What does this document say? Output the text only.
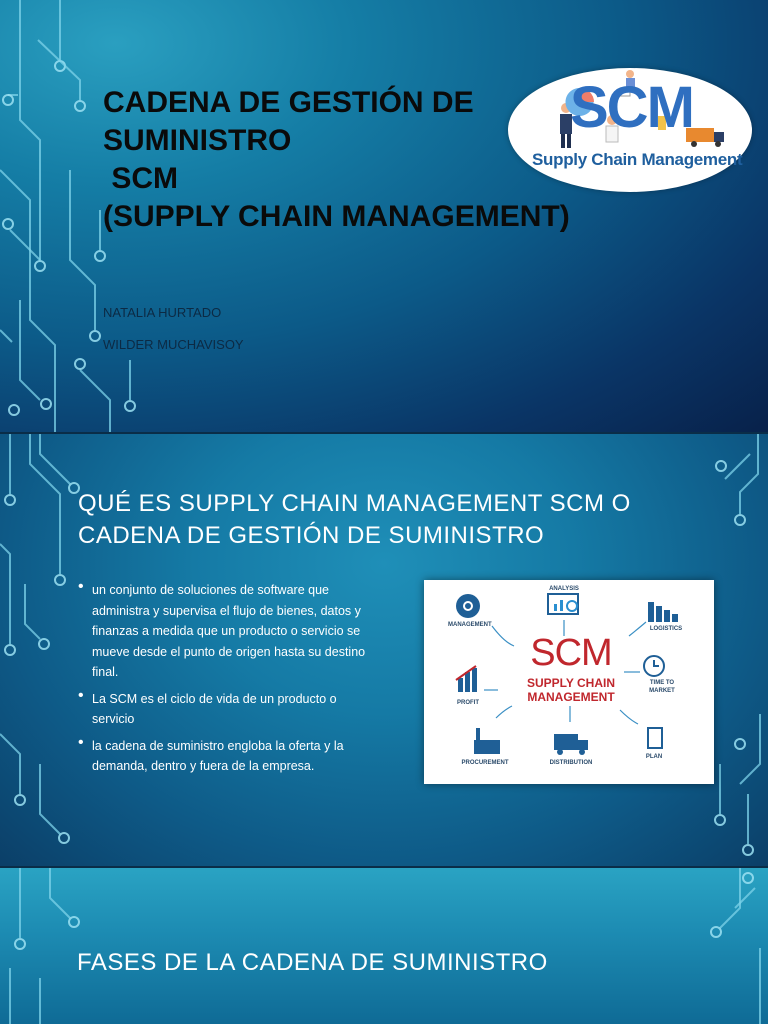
CADENA DE GESTIÓN DE
SUMINISTRO
SCM
(SUPPLY CHAIN MANAGEMENT)
NATALIA HURTADO
WILDER MUCHAVISOY
SCM
Supply Chain Management
QUÉ ES SUPPLY CHAIN MANAGEMENT SCM O CADENA DE GESTIÓN DE SUMINISTRO
• un conjunto de soluciones de software que administra y supervisa el flujo de bienes, datos y finanzas a medida que un producto o servicio se mueve desde el punto de origen hasta su destino final.
• La SCM es el ciclo de vida de un producto o servicio
• la cadena de suministro engloba la oferta y la demanda, dentro y fuera de la empresa.
SCM
SUPPLY CHAIN
MANAGEMENT
ANALYSIS
MANAGEMENT
LOGISTICS
PROFIT
TIME TO
MARKET
PROCUREMENT	DISTRIBUTION
PLAN
FASES DE LA CADENA DE SUMINISTRO
